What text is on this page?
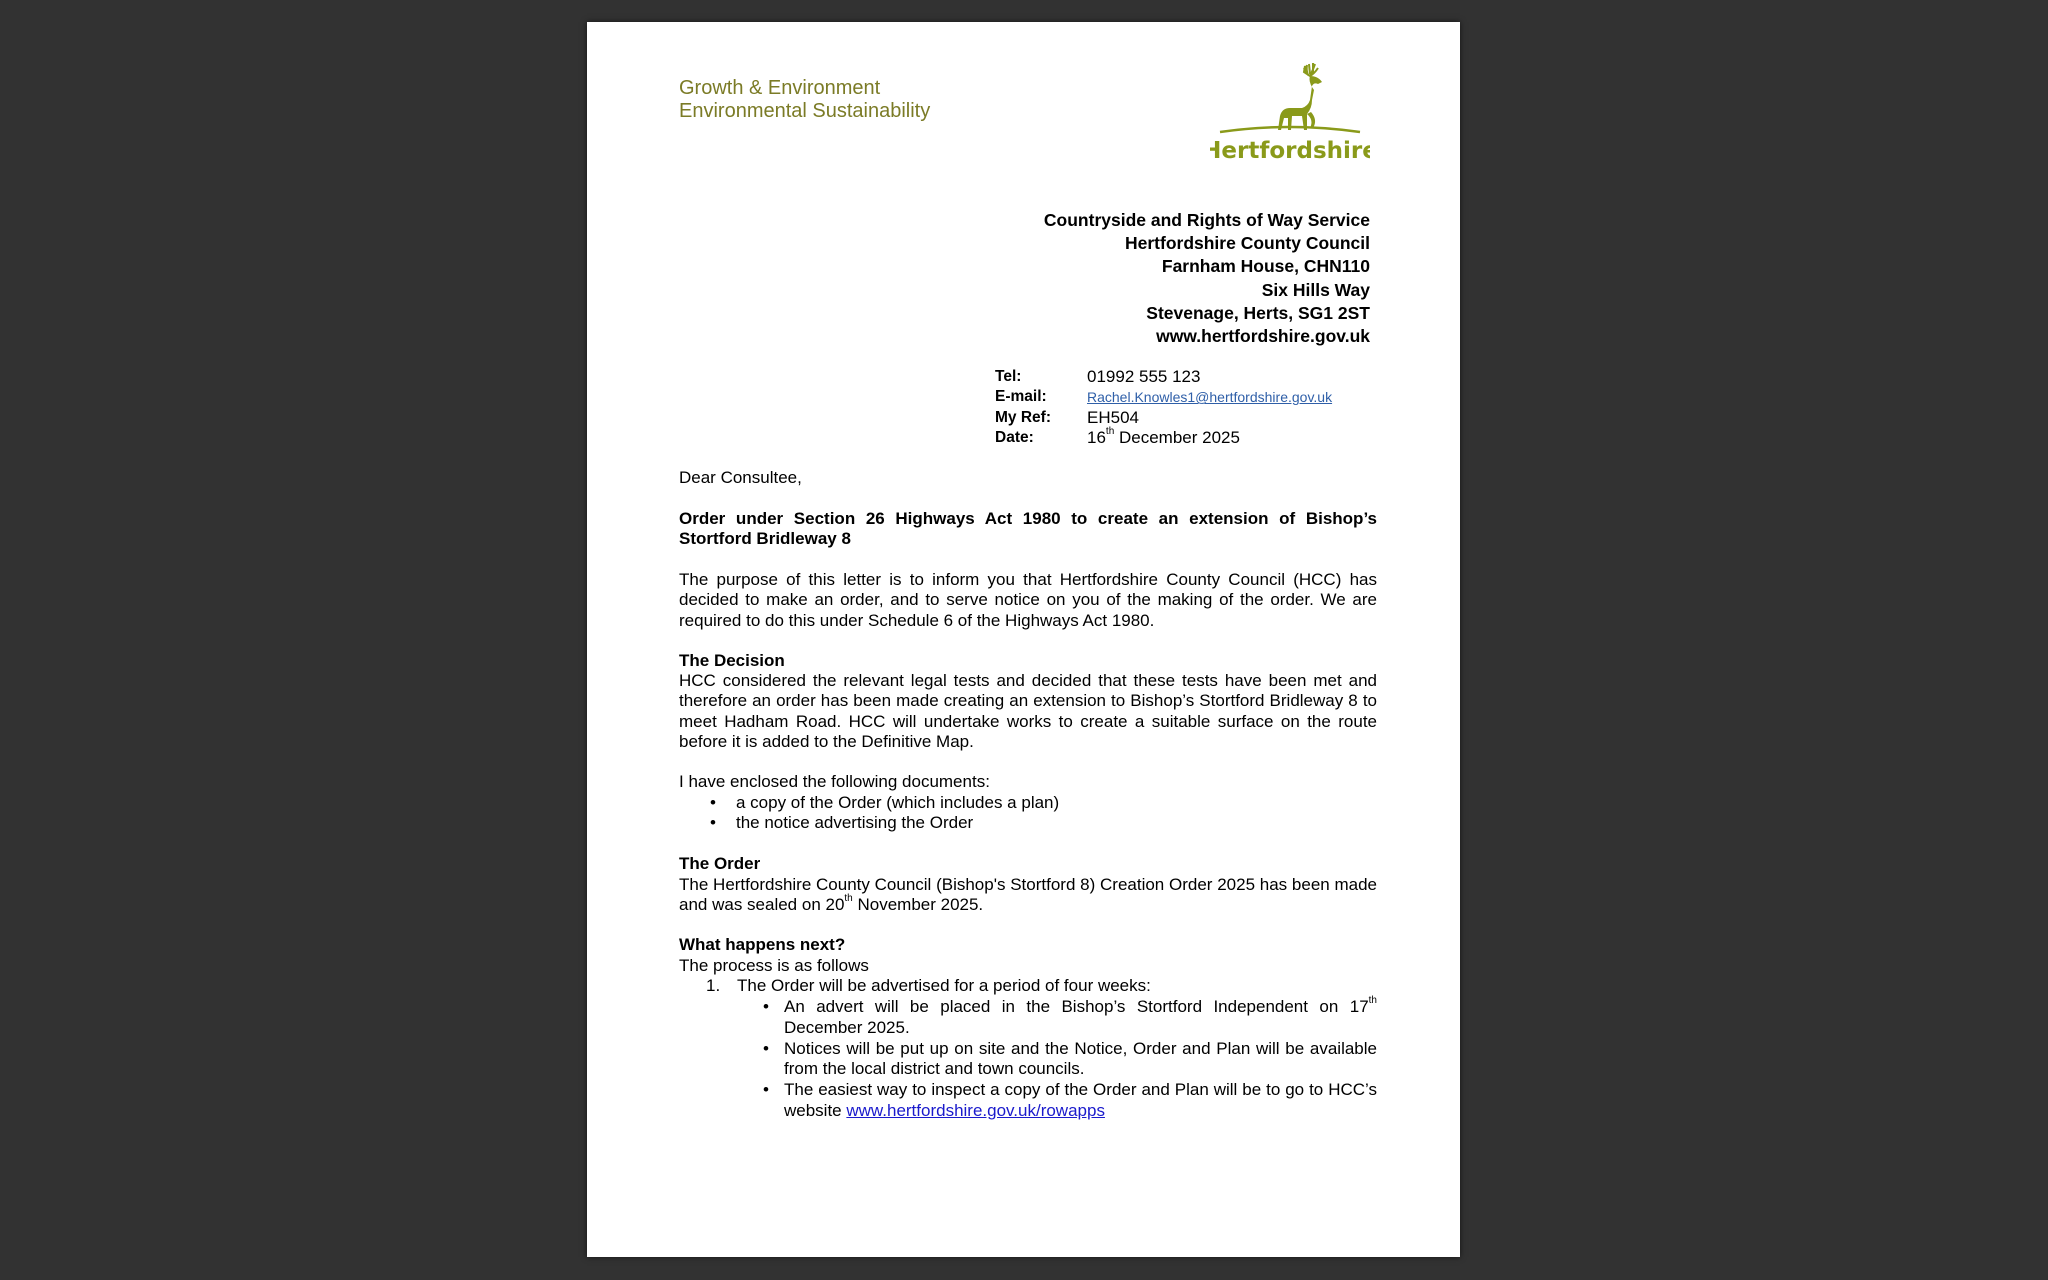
Growth & Environment
Environmental Sustainability
Hertfordshire
Countryside and Rights of Way Service
Hertfordshire County Council
Farnham House, CHN110
Six Hills Way
Stevenage, Herts, SG1 2ST
www.hertfordshire.gov.uk
Tel:	01992 555 123
E-mail:	Rachel.Knowles1@hertfordshire.gov.uk
My Ref: EH504
Date:	16th December 2025
Dear Consultee,
Order under Section 26 Highways Act 1980 to create an extension of Bishop’s Stortford Bridleway 8
The purpose of this letter is to inform you that Hertfordshire County Council (HCC) has decided to make an order, and to serve notice on you of the making of the order. We are required to do this under Schedule 6 of the Highways Act 1980.
The Decision
HCC considered the relevant legal tests and decided that these tests have been met and therefore an order has been made creating an extension to Bishop’s Stortford Bridleway 8 to meet Hadham Road. HCC will undertake works to create a suitable surface on the route before it is added to the Definitive Map.
I have enclosed the following documents:
• a copy of the Order (which includes a plan)
• the notice advertising the Order
The Order
The Hertfordshire County Council (Bishop's Stortford 8) Creation Order 2025 has been made and was sealed on 20th November 2025.
What happens next?
The process is as follows
1. The Order will be advertised for a period of four weeks:
• An advert will be placed in the Bishop’s Stortford Independent on 17th December 2025.
• Notices will be put up on site and the Notice, Order and Plan will be available from the local district and town councils.
• The easiest way to inspect a copy of the Order and Plan will be to go to HCC’s website www.hertfordshire.gov.uk/rowapps
